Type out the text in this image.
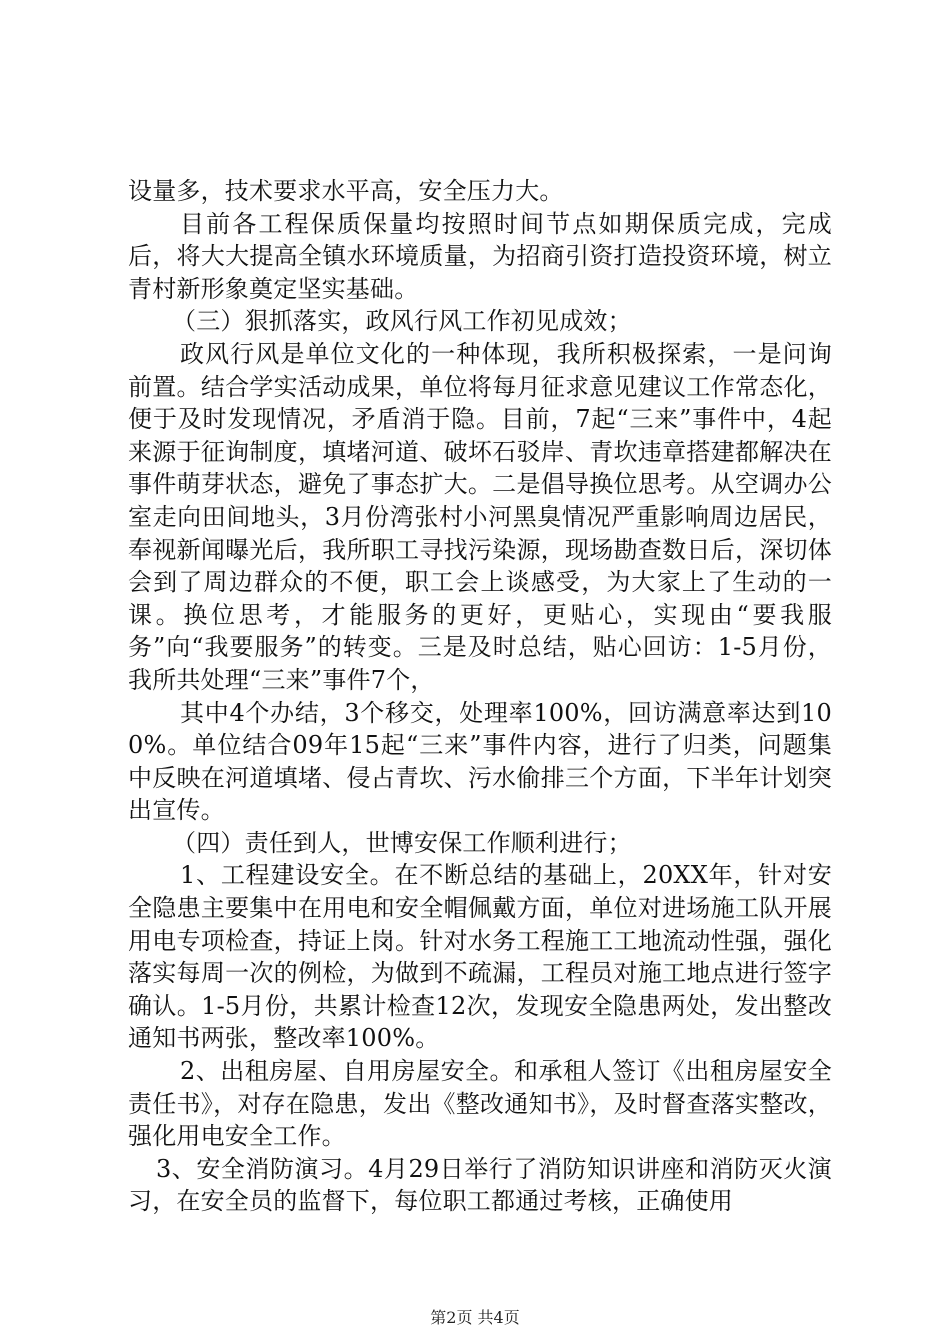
设量多，技术要求水平高，安全压力大。

目前各工程保质保量均按照时间节点如期保质完成，完成后，将大大提高全镇水环境质量，为招商引资打造投资环境，树立青村新形象奠定坚实基础。

（三）狠抓落实，政风行风工作初见成效；

政风行风是单位文化的一种体现，我所积极探索，一是问询前置。结合学实活动成果，单位将每月征求意见建议工作常态化，便于及时发现情况，矛盾消于隐。目前，7起“三来”事件中，4起来源于征询制度，填堵河道、破坏石驳岸、青坎违章搭建都解决在事件萌芽状态，避免了事态扩大。二是倡导换位思考。从空调办公室走向田间地头，3月份湾张村小河黑臭情况严重影响周边居民，奉视新闻曝光后，我所职工寻找污染源，现场勘查数日后，深切体会到了周边群众的不便，职工会上谈感受，为大家上了生动的一课。换位思考，才能服务的更好，更贴心，实现由“要我服务”向“我要服务”的转变。三是及时总结，贴心回访：1-5月份，我所共处理“三来”事件7个，

其中4个办结，3个移交，处理率100%，回访满意率达到100%。单位结合09年15起“三来”事件内容，进行了归类，问题集中反映在河道填堵、侵占青坎、污水偷排三个方面，下半年计划突出宣传。

（四）责任到人，世博安保工作顺利进行；

1、工程建设安全。在不断总结的基础上，20XX年，针对安全隐患主要集中在用电和安全帽佩戴方面，单位对进场施工队开展用电专项检查，持证上岗。针对水务工程施工工地流动性强，强化落实每周一次的例检，为做到不疏漏，工程员对施工地点进行签字确认。1-5月份，共累计检查12次，发现安全隐患两处，发出整改通知书两张，整改率100%。

2、出租房屋、自用房屋安全。和承租人签订《出租房屋安全责任书》，对存在隐患，发出《整改通知书》，及时督查落实整改，强化用电安全工作。

3、安全消防演习。4月29日举行了消防知识讲座和消防灭火演习，在安全员的监督下，每位职工都通过考核，正确使用

第2页 共4页
